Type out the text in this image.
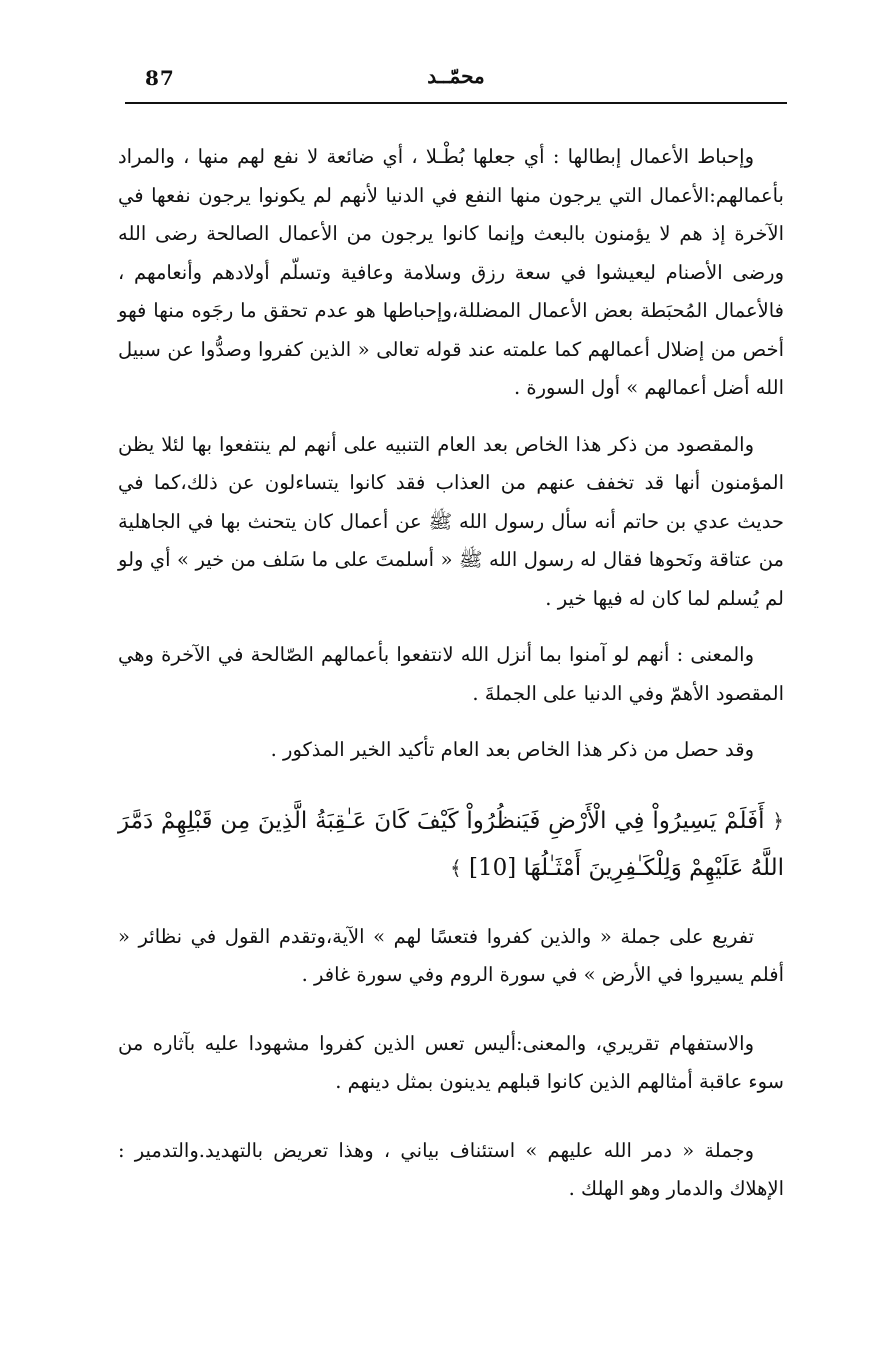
87	محمّــد

وإحباط الأعمال إبطالها : أي جعلها بُطْـلا ، أي ضائعة لا نفع لهم منها ، والمراد بأعمالهم:الأعمال التي يرجون منها النفع في الدنيا لأنهم لم يكونوا يرجون نفعها في الآخرة إذ هم لا يؤمنون بالبعث وإنما كانوا يرجون من الأعمال الصالحة رضى الله ورضى الأصنام ليعيشوا في سعة رزق وسلامة وعافية وتسلّم أولادهم وأنعامهم ، فالأعمال المُحبَطة بعض الأعمال المضللة،وإحباطها هو عدم تحقق ما رجَوه منها فهو أخص من إضلال أعمالهم كما علمته عند قوله تعالى « الذين كفروا وصدُّوا عن سبيل الله أضل أعمالهم » أول السورة .

والمقصود من ذكر هذا الخاص بعد العام التنبيه على أنهم لم ينتفعوا بها لئلا يظن المؤمنون أنها قد تخفف عنهم من العذاب فقد كانوا يتساءلون عن ذلك،كما في حديث عدي بن حاتم أنه سأل رسول الله ﷺ عن أعمال كان يتحنث بها في الجاهلية من عتاقة ونَحوها فقال له رسول الله ﷺ « أسلمتَ على ما سَلف من خير » أي ولو لم يُسلم لما كان له فيها خير .

والمعنى : أنهم لو آمنوا بما أنزل الله لانتفعوا بأعمالهم الصّالحة في الآخرة وهي المقصود الأهمّ وفي الدنيا على الجملةَ .

وقد حصل من ذكر هذا الخاص بعد العام تأكيد الخير المذكور .

﴿ أَفَلَمْ يَسِيرُواْ فِي الْأَرْضِ فَيَنظُرُواْ كَيْفَ كَانَ عَـٰقِبَةُ الَّذِينَ مِن قَبْلِهِمْ دَمَّرَ اللَّهُ عَلَيْهِمْ وَلِلْكَـٰفِرِينَ أَمْثَـٰلُهَا [10] ﴾

تفريع على جملة « والذين كفروا فتعسًا لهم » الآية،وتقدم القول في نظائر « أفلم يسيروا في الأرض » في سورة الروم وفي سورة غافر .

والاستفهام تقريري، والمعنى:أليس تعس الذين كفروا مشهودا عليه بآثاره من سوء عاقبة أمثالهم الذين كانوا قبلهم يدينون بمثل دينهم .

وجملة « دمر الله عليهم » استئناف بياني ، وهذا تعريض بالتهديد.والتدمير : الإهلاك والدمار وهو الهلك .
